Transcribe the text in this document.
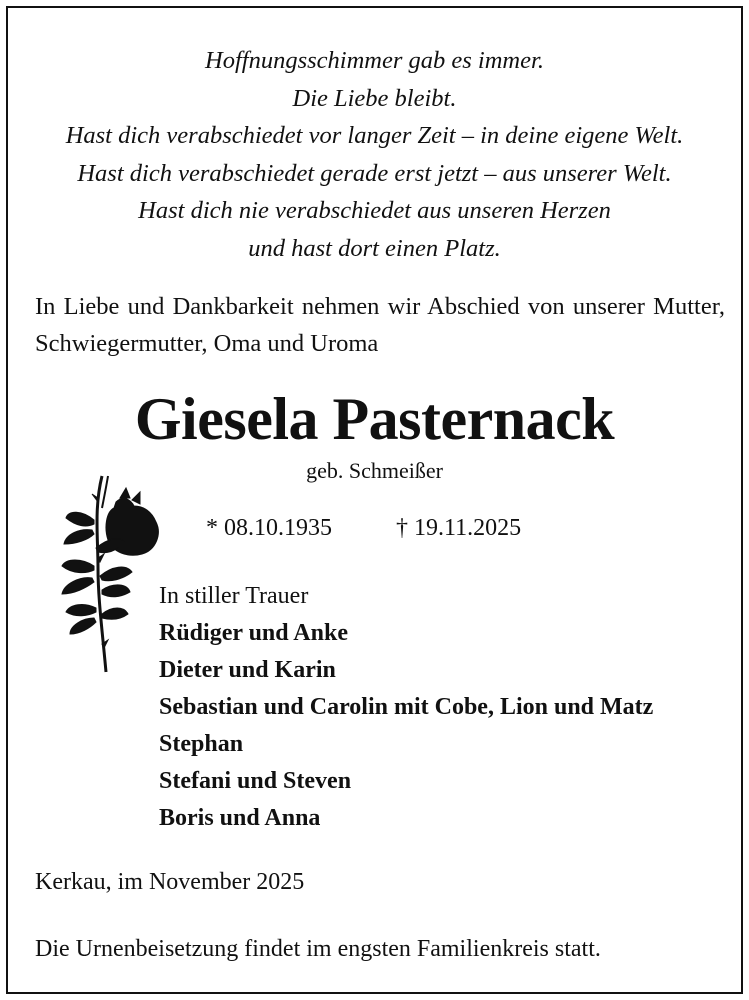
Hoffnungsschimmer gab es immer.
Die Liebe bleibt.
Hast dich verabschiedet vor langer Zeit – in deine eigene Welt.
Hast dich verabschiedet gerade erst jetzt – aus unserer Welt.
Hast dich nie verabschiedet aus unseren Herzen
und hast dort einen Platz.
In Liebe und Dankbarkeit nehmen wir Abschied von unserer Mutter, Schwiegermutter, Oma und Uroma
Giesela Pasternack
geb. Schmeißer
* 08.10.1935	† 19.11.2025
In stiller Trauer
Rüdiger und Anke
Dieter und Karin
Sebastian und Carolin mit Cobe, Lion und Matz
Stephan
Stefani und Steven
Boris und Anna
Kerkau, im November 2025
Die Urnenbeisetzung findet im engsten Familienkreis statt.
